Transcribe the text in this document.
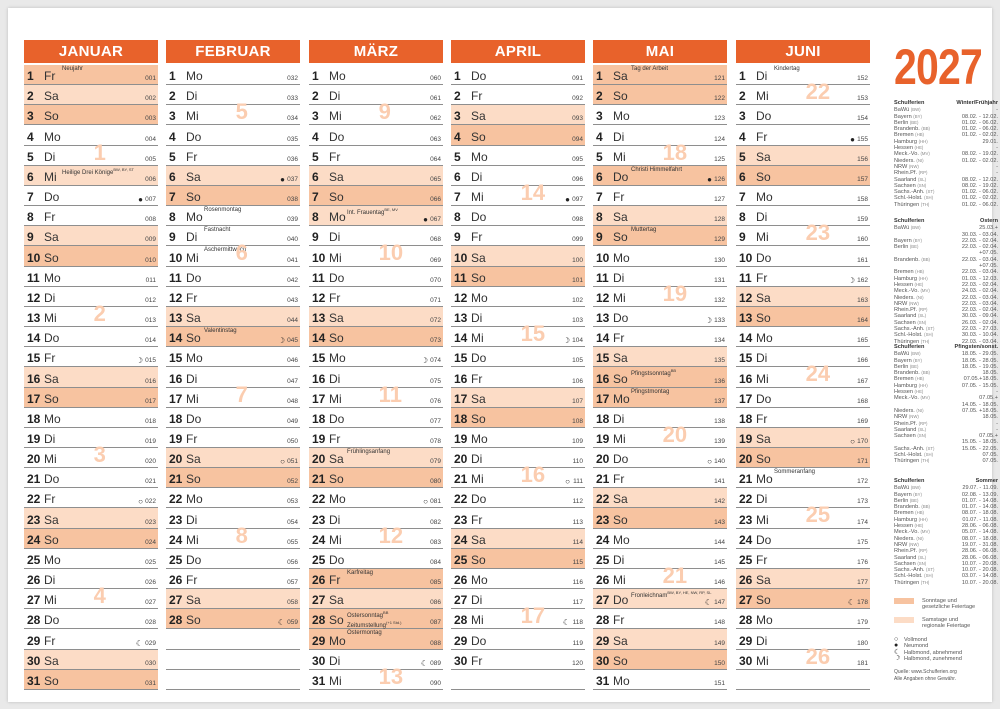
2027
JANUAR
1 Fr
Neujahr
001
2 Sa	002
3 So	003
4 Mo	004
5 Di	005
1
6 Mi Heilige Drei Könige$^{BW, BY, ST}$
006
7 Do	● 007
8 Fr	008
9 Sa	009
10 So	010
11 Mo	011
12 Di	012
13 Mi	013
2
14 Do	014
15 Fr	☽ 015
16 Sa	016
17 So	017
18 Mo	018
19 Di	019
20 Mi	020
3
21 Do	021
22 Fr	○ 022
23 Sa	023
24 So	024
25 Mo	025
26 Di	026
27 Mi	027
4
28 Do	028
29 Fr	☾ 029
30 Sa	030
31 So	031
FEBRUAR
1 Mo	032
2 Di	033
3 Mi	034
5
4 Do	035
5 Fr	036
6 Sa	● 037
7 So	038
8 Mo
Rosenmontag
039
9 Di
Fastnacht
040
10 Mi
Aschermittwoch
041
6
11 Do	042
12 Fr	043
13 Sa	044
14 So
Valentinstag
☽ 045
15 Mo	046
16 Di	047
17 Mi	048
7
18 Do	049
19 Fr	050
20 Sa	○ 051
21 So	052
22 Mo	053
23 Di	054
24 Mi	055
8
25 Do	056
26 Fr	057
27 Sa	058
28 So	☾ 059
MÄRZ
1 Mo	060
2 Di	061
3 Mi	062
9
4 Do	063
5 Fr	064
6 Sa	065
7 So	066
8 Mo Int. Frauentag$^{BE, MV}$
● 067
9 Di	068
10 Mi	069
10
11 Do	070
12 Fr	071
13 Sa	072
14 So	073
15 Mo	☽ 074
16 Di	075
17 Mi	076
11
18 Do	077
19 Fr	078
20 Sa
Frühlingsanfang
079
21 So	080
22 Mo	○ 081
23 Di	082
24 Mi	083
12
25 Do	084
26 Fr
Karfreitag
085
27 Sa	086
28 So Ostersonntag$^{BB}$
Zeitumstellung$^{(+1 Std.)}$	087
29 Mo
Ostermontag
088
30 Di	☾ 089
31 Mi	090
13
APRIL
1 Do	091
2 Fr	092
3 Sa	093
4 So	094
5 Mo	095
6 Di	096
7 Mi	● 097
14
8 Do	098
9 Fr	099
10 Sa	100
11 So	101
12 Mo	102
13 Di	103
14 Mi	☽ 104
15
15 Do	105
16 Fr	106
17 Sa	107
18 So	108
19 Mo	109
20 Di	110
21 Mi	○ 111
16
22 Do	112
23 Fr	113
24 Sa	114
25 So	115
26 Mo	116
27 Di	117
28 Mi	☾ 118
17
29 Do	119
30 Fr	120
MAI
1 Sa
Tag der Arbeit
121
2 So	122
3 Mo	123
4 Di	124
5 Mi	125
18
6 Do
Christi Himmelfahrt
● 126
7 Fr	127
8 Sa	128
9 So
Muttertag
129
10 Mo	130
11 Di	131
12 Mi	132
19
13 Do	☽ 133
14 Fr	134
15 Sa	135
16 So Pfingstsonntag$^{BB}$
136
17 Mo
Pfingstmontag
137
18 Di	138
19 Mi	139
20
20 Do	○ 140
21 Fr	141
22 Sa	142
23 So	143
24 Mo	144
25 Di	145
26 Mi	146
21
27 Do Fronleichnam$^{BW, BY, HE, NW, RP, SL}$
☾ 147
28 Fr	148
29 Sa	149
30 So	150
31 Mo	151
JUNI
1 Di
Kindertag
152
2 Mi	153
22
3 Do	154
4 Fr	● 155
5 Sa	156
6 So	157
7 Mo	158
8 Di	159
9 Mi	160
23
10 Do	161
11 Fr	☽ 162
12 Sa	163
13 So	164
14 Mo	165
15 Di	166
16 Mi	167
24
17 Do	168
18 Fr	169
19 Sa	○ 170
20 So	171
21 Mo
Sommeranfang
172
22 Di	173
23 Mi	174
25
24 Do	175
25 Fr	176
26 Sa	177
27 So	☾ 178
28 Mo	179
29 Di	180
30 Mi	181
26
Schulferien	Winter/Frühjahr
BaWü (BW)	-
Bayern (BY)	08.02. - 12.02.
Berlin (BE)	01.02. - 06.02.
Brandenb. (BB)	01.02. - 06.02.
Bremen (HB)	01.02. - 02.02.
Hamburg (HH)	29.01.
Hessen (HE)	-
Meck.-Vo. (MV)	08.02. - 19.02.
Nieders. (NI)	01.02. - 02.02.
NRW (NW)	-
Rhein.Pf. (RP)	-
Saarland (SL)	08.02. - 12.02.
Sachsen (SN)	08.02. - 19.02.
Sachs.-Anh. (ST)	01.02. - 06.02.
Schl.-Holst. (SH)	01.02. - 02.02.
Thüringen (TH)	01.02. - 06.02.
Schulferien	Ostern
BaWü (BW)	25.03.+
30.03. - 03.04.
Bayern (BY)	22.03. - 02.04.
Berlin (BE)	22.03. - 02.04.
+07.05.
Brandenb. (BB)	22.03. - 03.04.
+07.05.
Bremen (HB)	22.03. - 03.04.
Hamburg (HH)	01.03. - 12.03.
Hessen (HE)	22.03. - 02.04.
Meck.-Vo. (MV)	24.03. - 02.04.
Nieders. (NI)	22.03. - 03.04.
NRW (NW)	22.03. - 03.04.
Rhein.Pf. (RP)	22.03. - 02.04.
Saarland (SL)	30.03. - 09.04.
Sachsen (SN)	26.03. - 02.04.
Sachs.-Anh. (ST)	22.03. - 27.03.
Schl.-Holst. (SH)	30.03. - 10.04.
Thüringen (TH)	22.03. - 03.04.
Schulferien	Pfingsten/sonst.
BaWü (BW)	18.05. - 29.05.
Bayern (BY)	18.05. - 28.05.
Berlin (BE)	18.05. - 19.05.
Brandenb. (BB)	18.05.
Bremen (HB)	07.05.+18.05.
Hamburg (HH)	07.05. - 15.05.
Hessen (HE)	-
Meck.-Vo. (MV)	07.05.+
14.05. - 18.05.
Nieders. (NI)	07.05. +18.05.
NRW (NW)	18.05.
Rhein.Pf. (RP)	-
Saarland (SL)	-
Sachsen (SN)	07.05.+
15.05. - 18.05.
Sachs.-Anh. (ST)	15.05. - 22.05.
Schl.-Holst. (SH)	07.05.
Thüringen (TH)	07.05.
Schulferien	Sommer
BaWü (BW)	29.07. - 11.09.
Bayern (BY)	02.08. - 13.09.
Berlin (BE)	01.07. - 14.08.
Brandenb. (BB)	01.07. - 14.08.
Bremen (HB)	08.07. - 18.08.
Hamburg (HH)	01.07. - 11.08.
Hessen (HE)	28.06. - 06.08.
Meck.-Vo. (MV)	05.07. - 14.08.
Nieders. (NI)	08.07. - 18.08.
NRW (NW)	19.07. - 31.08.
Rhein.Pf. (RP)	28.06. - 06.08.
Saarland (SL)	28.06. - 06.08.
Sachsen (SN)	10.07. - 20.08.
Sachs.-Anh. (ST)	10.07. - 20.08.
Schl.-Holst. (SH)	03.07. - 14.08.
Thüringen (TH)	10.07. - 20.08.
Sonntage und
gesetzliche Feiertage
Samstage und
regionale Feiertage
○ Vollmond
● Neumond
☾ Halbmond, abnehmend
☽ Halbmond, zunehmend
Quelle: www.Schulferien.org
Alle Angaben ohne Gewähr.
